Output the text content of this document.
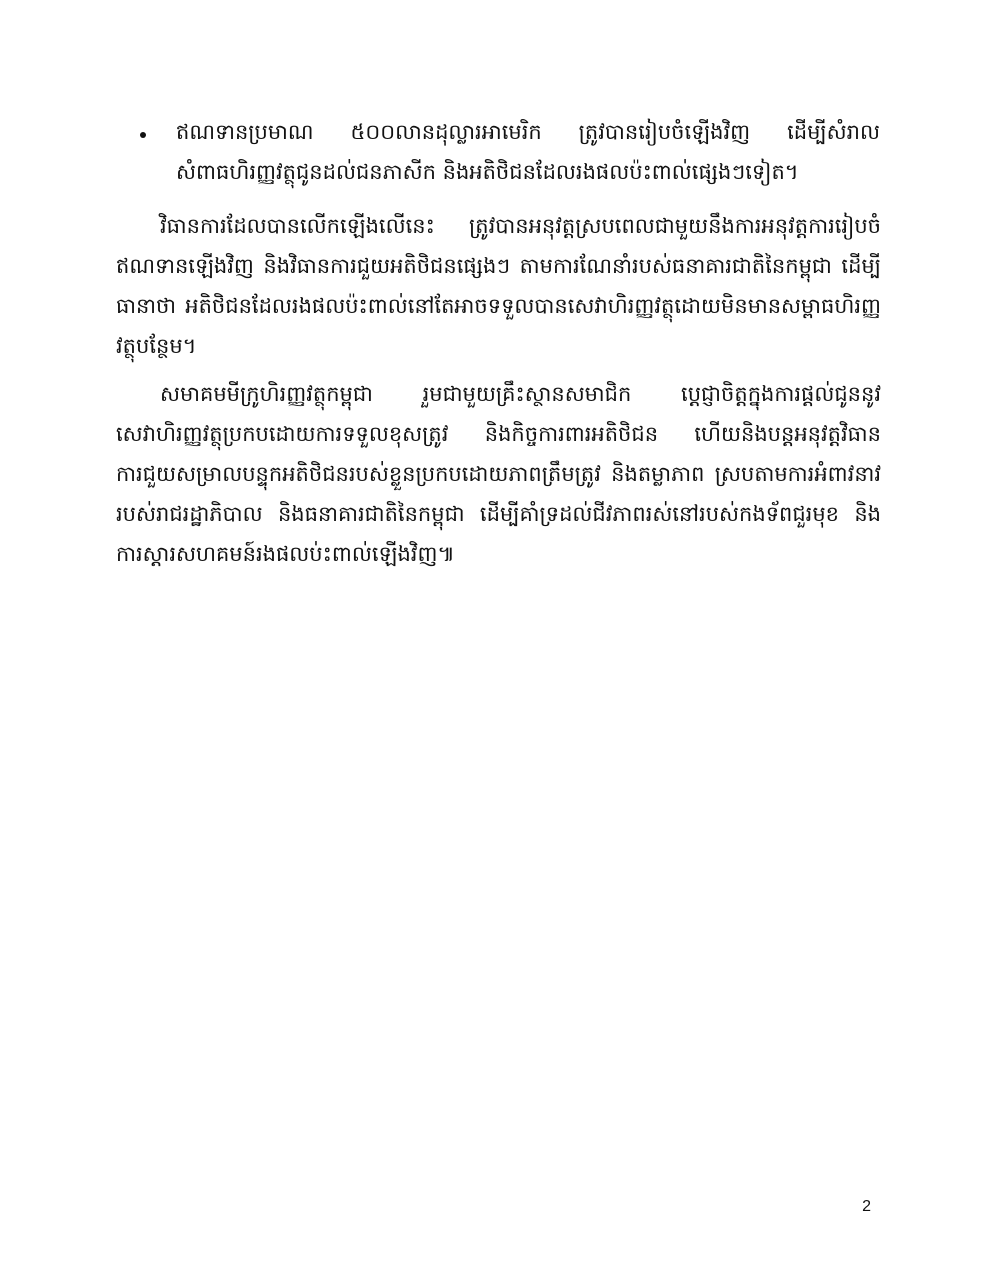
ឥណទានប្រមាណ ៥០០លានដុល្លារអាមេរិក ត្រូវបានរៀបចំឡើងវិញ ដើម្បីសំរាលសំពាធហិរញ្ញវត្ថុជូនដល់ជនភាសីក និងអតិថិជនដែលរងផលប៉ះពាល់ផ្សេងៗទៀត។

វិធានការដែលបានលើកឡើងលើនេះ ត្រូវបានអនុវត្តស្របពេលជាមួយនឹងការអនុវត្តការរៀបចំឥណទានឡើងវិញ និងវិធានការជួយអតិថិជនផ្សេងៗ តាមការណែនាំរបស់ធនាគារជាតិនៃកម្ពុជា ដើម្បីធានាថា អតិថិជនដែលរងផលប៉ះពាល់នៅតែអាចទទួលបានសេវាហិរញ្ញវត្ថុដោយមិនមានសម្ពាធហិរញ្ញវត្ថុបន្ថែម។

សមាគមមីក្រូហិរញ្ញវត្ថុកម្ពុជា រួមជាមួយគ្រឹះស្ថានសមាជិក ប្តេជ្ញាចិត្តក្នុងការផ្តល់ជូននូវសេវាហិរញ្ញវត្ថុប្រកបដោយការទទួលខុសត្រូវ និងកិច្ចការពារអតិថិជន ហើយនិងបន្តអនុវត្តវិធានការជួយសម្រាលបន្ទុកអតិថិជនរបស់ខ្លួនប្រកបដោយភាពត្រឹមត្រូវ និងតម្លាភាព ស្របតាមការអំពាវនាវរបស់រាជរដ្ឋាភិបាល និងធនាគារជាតិនៃកម្ពុជា ដើម្បីគាំទ្រដល់ជីវភាពរស់នៅរបស់កងទ័ពជួរមុខ និងការស្តារសហគមន៍រងផលប់ះពាល់ឡើងវិញ៕

2
